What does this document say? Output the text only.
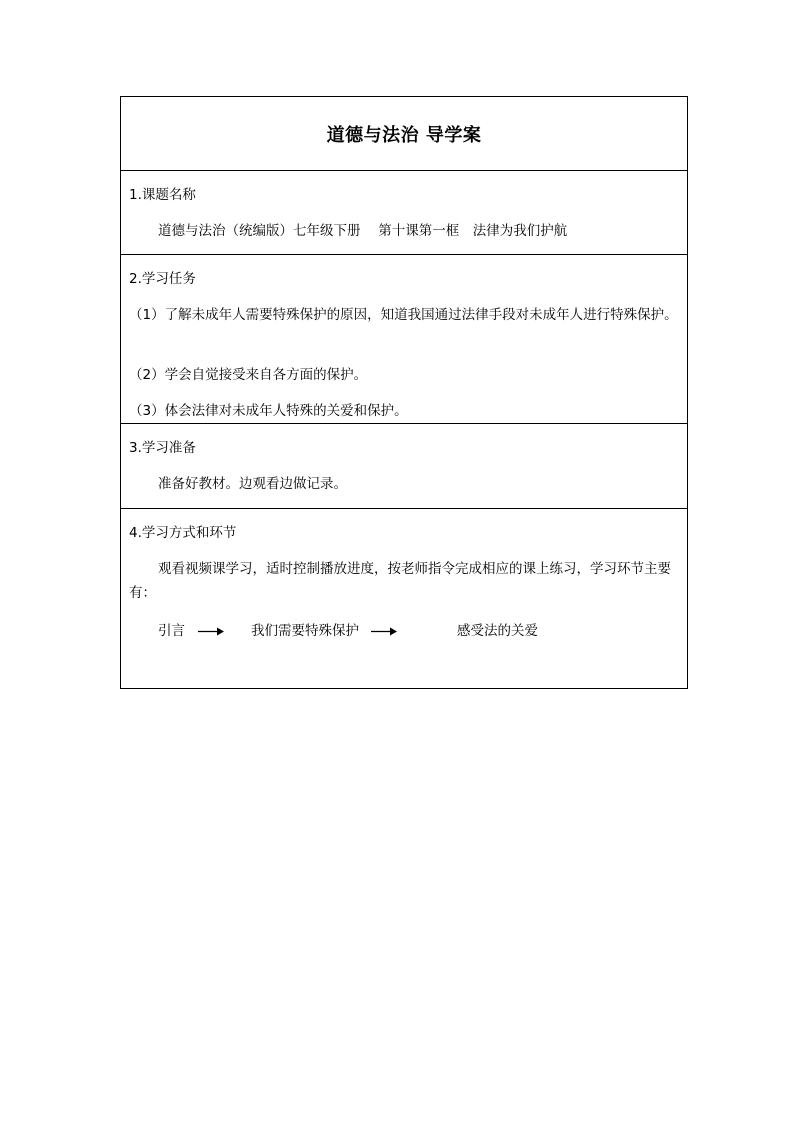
道德与法治 导学案
1.课题名称
道德与法治（统编版）七年级下册　 第十课第一框　法律为我们护航
2.学习任务
（1）了解未成年人需要特殊保护的原因，知道我国通过法律手段对未成年人进行特殊保护。
（2）学会自觉接受来自各方面的保护。
（3）体会法律对未成年人特殊的关爱和保护。
3.学习准备
准备好教材。边观看边做记录。
4.学习方式和环节
观看视频课学习，适时控制播放进度，按老师指令完成相应的课上练习，学习环节主要有：
引言	我们需要特殊保护	感受法的关爱
